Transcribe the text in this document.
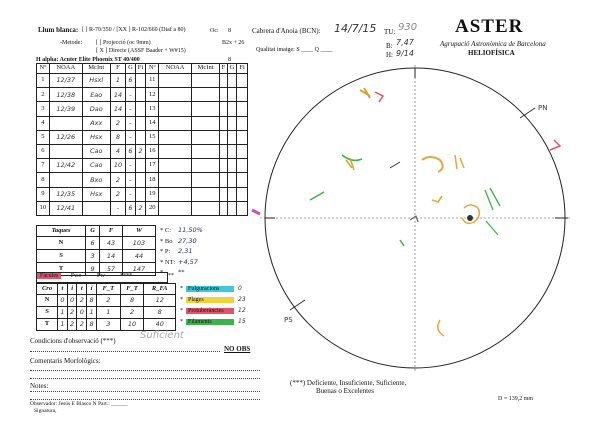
Llum blanca: [ ] R-70/350 / [XX ] R-102/660 (Diaf a 80)
-Metode: [ ] Projecció (oc 9mm)
[ X ] Directe (ASSF Baader + W#15)
Oc: 8
B2x + 26
Cabrera d'Anoia (BCN): 14/7/15 TU: 930
B: 7,47
H: 9/14
Qualitat imatge: S ____ Q ____
ASTER
Agrupació Astronòmica de Barcelona
HELIOFÍSICA
H alpha: Acuter Elite Phoenix ST 40/400	8
Nº	NOAA	McInt	F	G	Fi	Nº	NOAA	McInt	F	G	Fi
1	12/37	Hsxl	1	6		11					
2	12/38	Eao	14	-		12					
3	12/39	Dao	14	-		13					
4		Axx	2	-		14					
5	12/26	Hsx	8	-		15					
6		Cao	4	6	2	16					
7	12/42	Cao	10	-		17					
8		Bxo	2	-		18					
9	12/35	Hsx	2	-		19					
10	12/41		-	6	2	20					
Taques	G	F	W
N	6	43	103
S	3	14	44
T	9	57	147
* C: 11,50%
* Bo 27,30
* P: 2,31
* NT: +4,57
***
Fàcules Fwo	Fw	****	**
Cro	t	i	t	i	F_T	F_T	R_FA
N	0	0	2	8	2	8	12
S	1	2	0	1	1	2	8
T	1	2	2	8	3	10	40
* Fulguracions	0
* Plages	23
* Protuberàncies	12
* Filaments	15
Condicions d'observació (***) Suficient
NO OBS
Comentaris Morfològics:
Notes:
Observador: Jesús E Blasco N Part.: ______
Signatura,
(***) Deficiente, Insuficiente, Suficiente,
Buenas o Excelentes
D = 139,2 mm
PS
PN
